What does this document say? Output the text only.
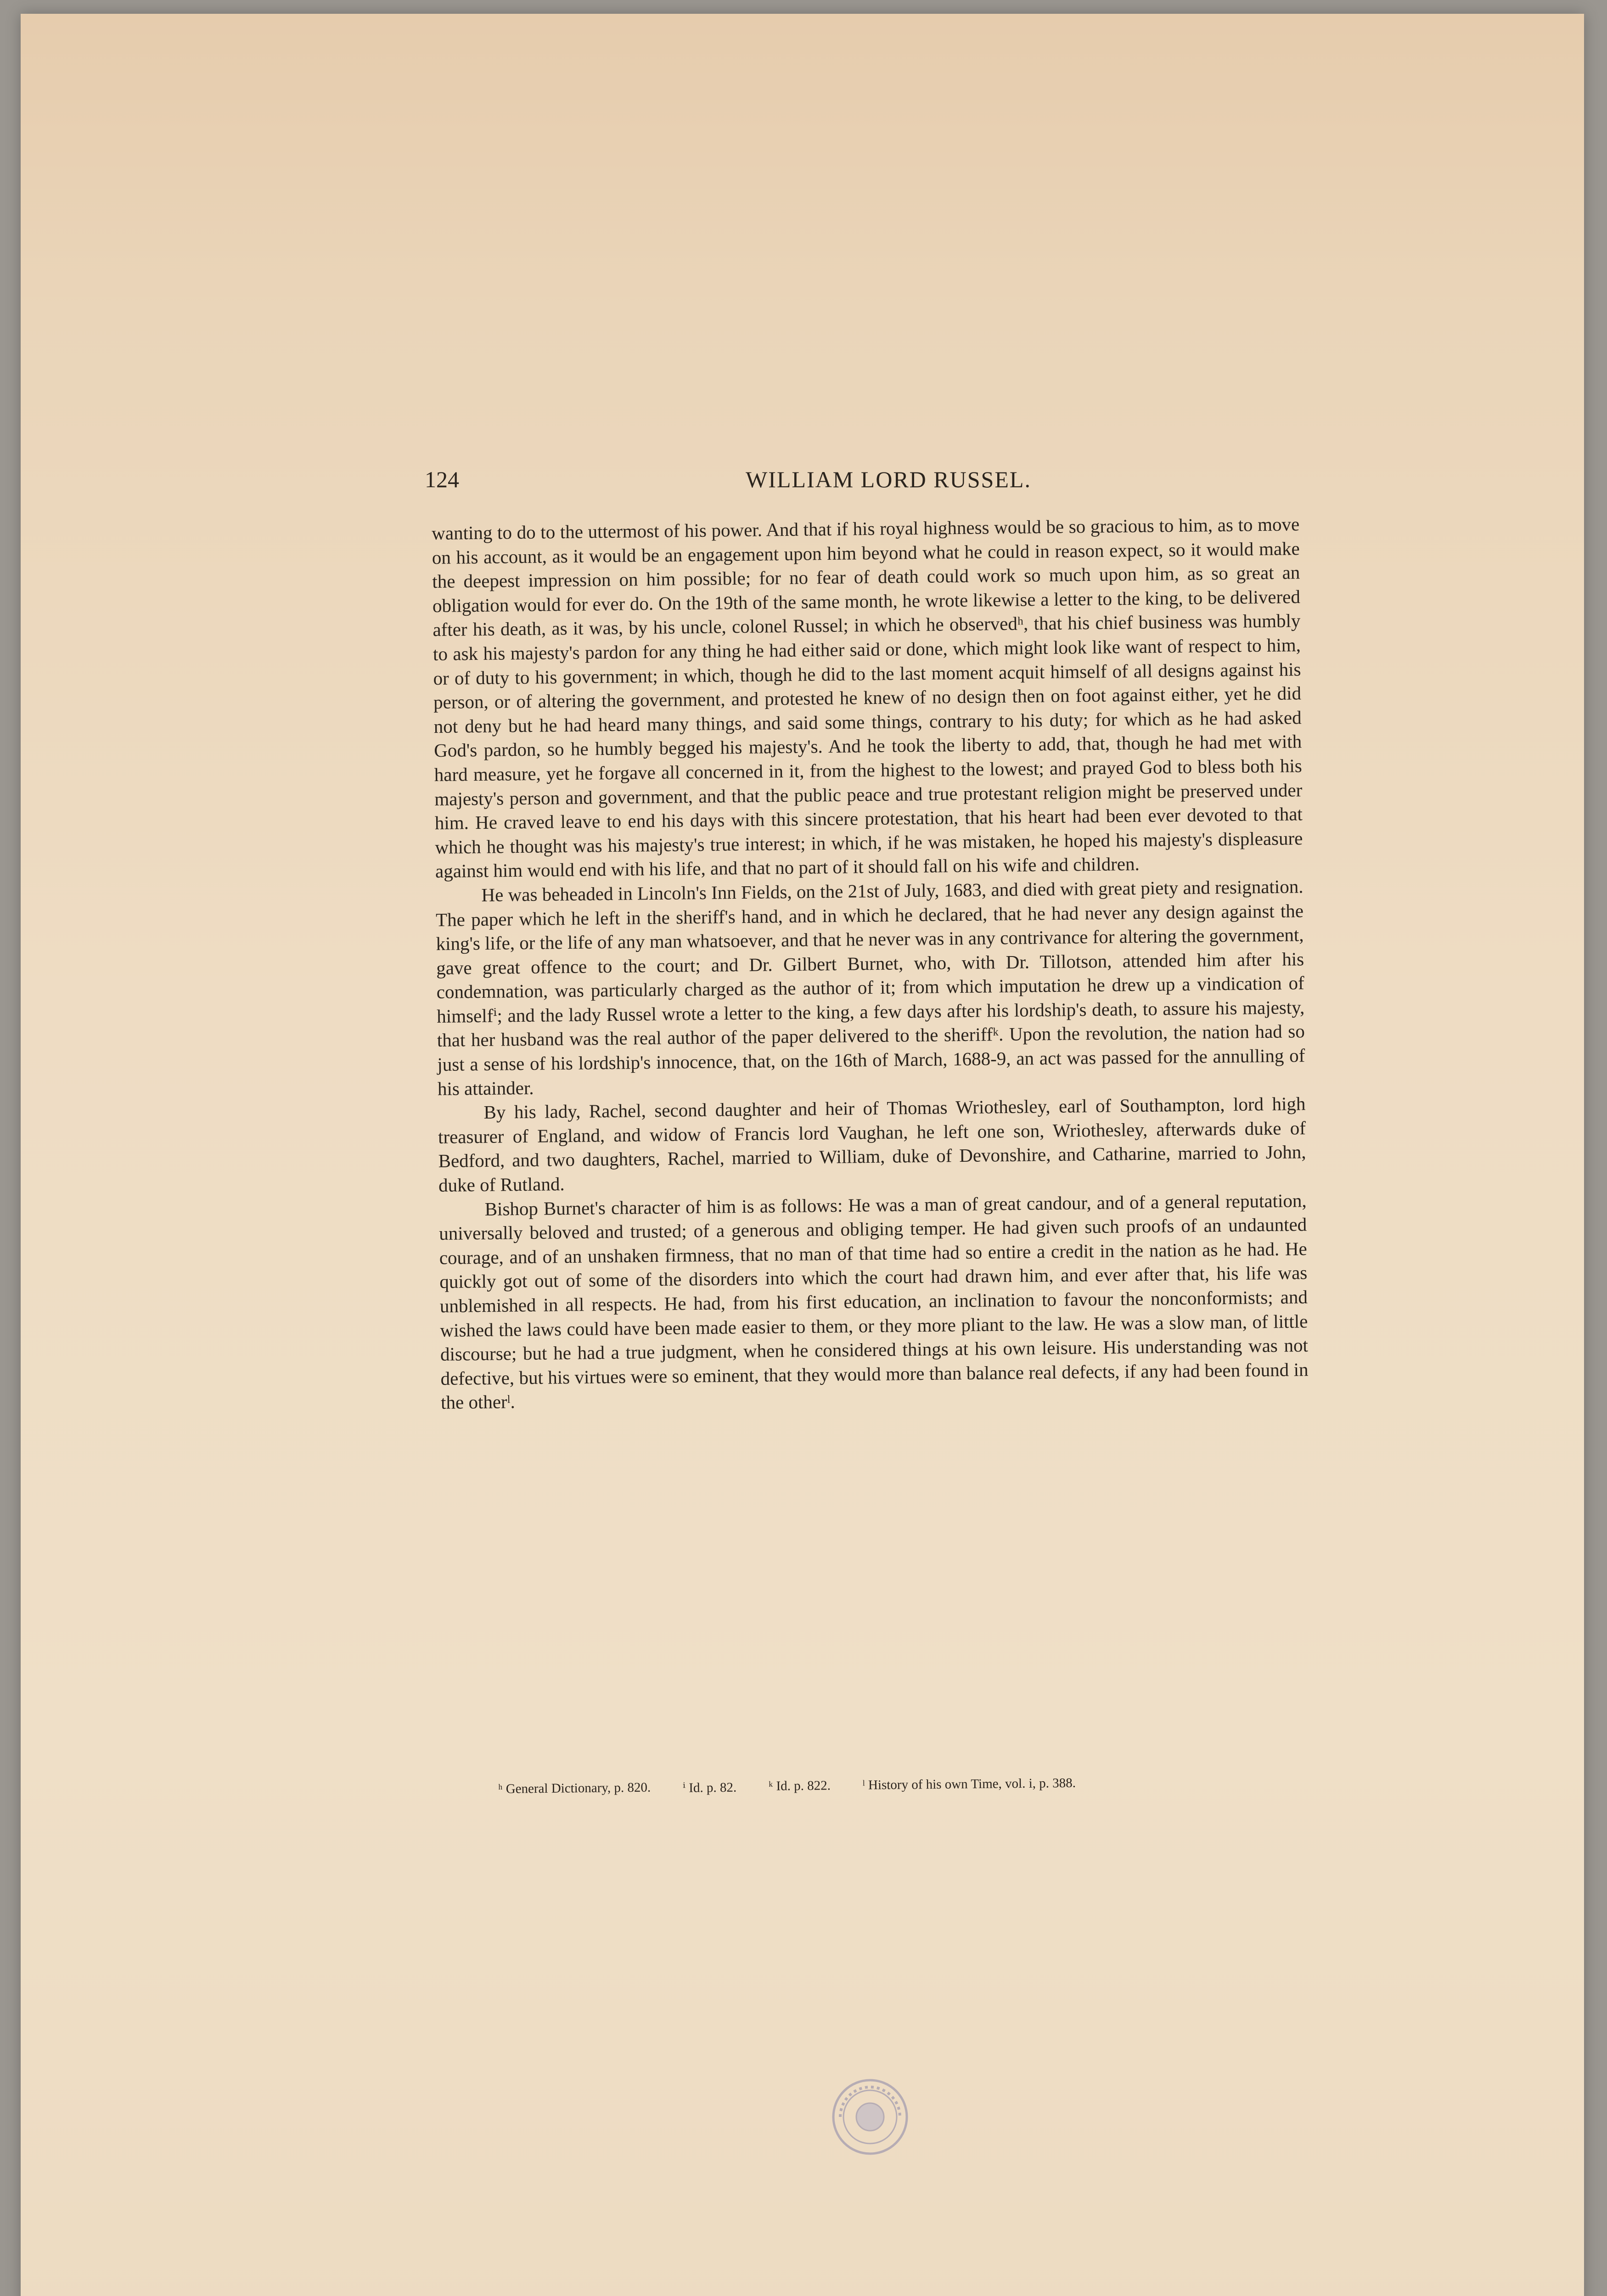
124	WILLIAM LORD RUSSEL.

wanting to do to the uttermost of his power. And that if his royal highness would be so gracious to him, as to move on his account, as it would be an engagement upon him beyond what he could in reason expect, so it would make the deepest impression on him possible; for no fear of death could work so much upon him, as so great an obligation would for ever do. On the 19th of the same month, he wrote likewise a letter to the king, to be delivered after his death, as it was, by his uncle, colonel Russel; in which he observedʰ, that his chief business was humbly to ask his majesty's pardon for any thing he had either said or done, which might look like want of respect to him, or of duty to his government; in which, though he did to the last moment acquit himself of all designs against his person, or of altering the government, and protested he knew of no design then on foot against either, yet he did not deny but he had heard many things, and said some things, contrary to his duty; for which as he had asked God's pardon, so he humbly begged his majesty's. And he took the liberty to add, that, though he had met with hard measure, yet he forgave all concerned in it, from the highest to the lowest; and prayed God to bless both his majesty's person and government, and that the public peace and true protestant religion might be preserved under him. He craved leave to end his days with this sincere protestation, that his heart had been ever devoted to that which he thought was his majesty's true interest; in which, if he was mistaken, he hoped his majesty's displeasure against him would end with his life, and that no part of it should fall on his wife and children.

He was beheaded in Lincoln's Inn Fields, on the 21st of July, 1683, and died with great piety and resignation. The paper which he left in the sheriff's hand, and in which he declared, that he had never any design against the king's life, or the life of any man whatsoever, and that he never was in any contrivance for altering the government, gave great offence to the court; and Dr. Gilbert Burnet, who, with Dr. Tillotson, attended him after his condemnation, was particularly charged as the author of it; from which imputation he drew up a vindication of himselfⁱ; and the lady Russel wrote a letter to the king, a few days after his lordship's death, to assure his majesty, that her husband was the real author of the paper delivered to the sheriffᵏ. Upon the revolution, the nation had so just a sense of his lordship's innocence, that, on the 16th of March, 1688-9, an act was passed for the annulling of his attainder.

By his lady, Rachel, second daughter and heir of Thomas Wriothesley, earl of Southampton, lord high treasurer of England, and widow of Francis lord Vaughan, he left one son, Wriothesley, afterwards duke of Bedford, and two daughters, Rachel, married to William, duke of Devonshire, and Catharine, married to John, duke of Rutland.

Bishop Burnet's character of him is as follows: He was a man of great candour, and of a general reputation, universally beloved and trusted; of a generous and obliging temper. He had given such proofs of an undaunted courage, and of an unshaken firmness, that no man of that time had so entire a credit in the nation as he had. He quickly got out of some of the disorders into which the court had drawn him, and ever after that, his life was unblemished in all respects. He had, from his first education, an inclination to favour the nonconformists; and wished the laws could have been made easier to them, or they more pliant to the law. He was a slow man, of little discourse; but he had a true judgment, when he considered things at his own leisure. His understanding was not defective, but his virtues were so eminent, that they would more than balance real defects, if any had been found in the otherˡ.

ʰ General Dictionary, p. 820. ⁱ Id. p. 82. ᵏ Id. p. 822. ˡ History of his own Time, vol. i, p. 388.
